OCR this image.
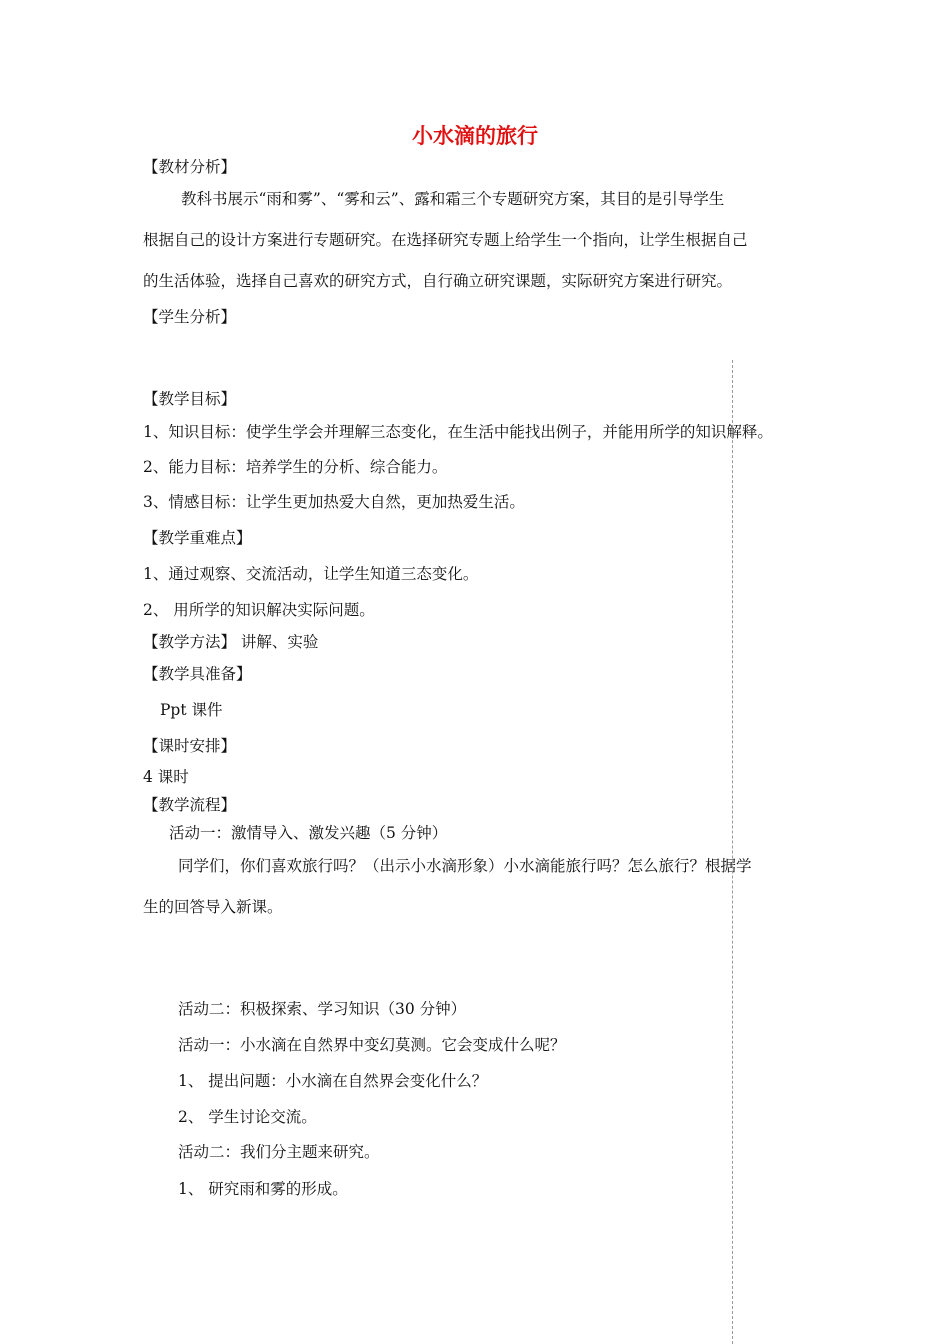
小水滴的旅行
【教材分析】
教科书展示“雨和雾”、“雾和云”、露和霜三个专题研究方案，其目的是引导学生
根据自己的设计方案进行专题研究。在选择研究专题上给学生一个指向，让学生根据自己
的生活体验，选择自己喜欢的研究方式，自行确立研究课题，实际研究方案进行研究。
【学生分析】
【教学目标】
1、知识目标：使学生学会并理解三态变化，在生活中能找出例子，并能用所学的知识解释。
2、能力目标：培养学生的分析、综合能力。
3、情感目标：让学生更加热爱大自然，更加热爱生活。
【教学重难点】
1、通过观察、交流活动，让学生知道三态变化。
2、 用所学的知识解决实际问题。
【教学方法】 讲解、实验
【教学具准备】
Ppt 课件
【课时安排】
4 课时
【教学流程】
活动一：激情导入、激发兴趣（5 分钟）
同学们，你们喜欢旅行吗？（出示小水滴形象）小水滴能旅行吗？怎么旅行？根据学
生的回答导入新课。
活动二：积极探索、学习知识（30 分钟）
活动一：小水滴在自然界中变幻莫测。它会变成什么呢？
1、 提出问题：小水滴在自然界会变化什么？
2、 学生讨论交流。
活动二：我们分主题来研究。
1、 研究雨和雾的形成。
